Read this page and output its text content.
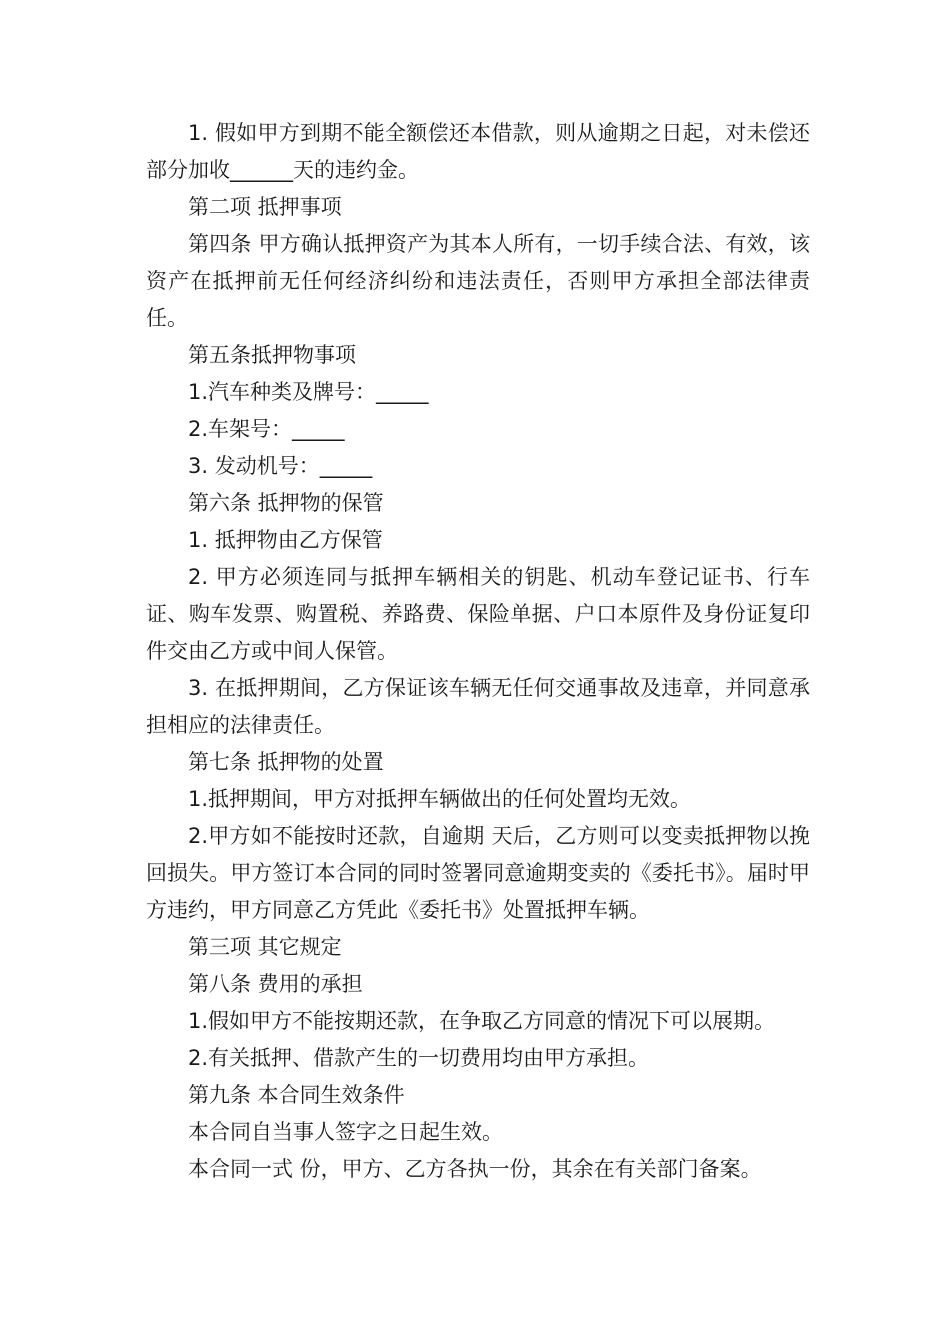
1. 假如甲方到期不能全额偿还本借款，则从逾期之日起，对未偿还部分加收______天的违约金。

第二项 抵押事项

第四条 甲方确认抵押资产为其本人所有，一切手续合法、有效，该资产在抵押前无任何经济纠纷和违法责任，否则甲方承担全部法律责任。

第五条抵押物事项

1.汽车种类及牌号：_____

2.车架号：_____

3. 发动机号：_____

第六条 抵押物的保管

1. 抵押物由乙方保管

2. 甲方必须连同与抵押车辆相关的钥匙、机动车登记证书、行车证、购车发票、购置税、养路费、保险单据、户口本原件及身份证复印件交由乙方或中间人保管。

3. 在抵押期间，乙方保证该车辆无任何交通事故及违章，并同意承担相应的法律责任。

第七条 抵押物的处置

1.抵押期间，甲方对抵押车辆做出的任何处置均无效。

2.甲方如不能按时还款，自逾期 天后，乙方则可以变卖抵押物以挽回损失。甲方签订本合同的同时签署同意逾期变卖的《委托书》。届时甲方违约，甲方同意乙方凭此《委托书》处置抵押车辆。

第三项 其它规定

第八条 费用的承担

1.假如甲方不能按期还款，在争取乙方同意的情况下可以展期。

2.有关抵押、借款产生的一切费用均由甲方承担。

第九条 本合同生效条件

本合同自当事人签字之日起生效。

本合同一式 份，甲方、乙方各执一份，其余在有关部门备案。
